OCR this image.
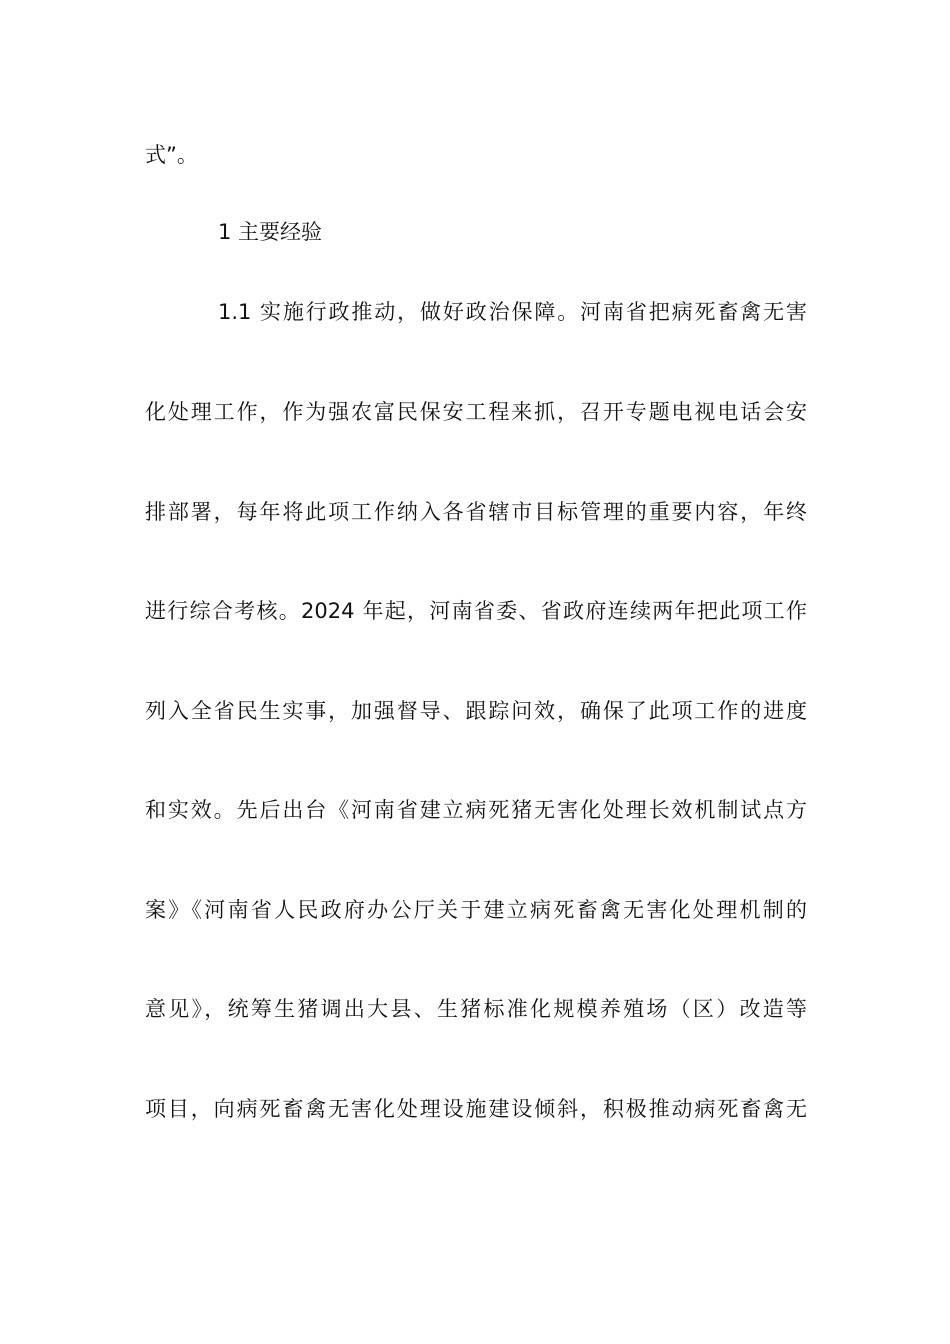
式”。
1 主要经验
1.1 实施行政推动，做好政治保障。河南省把病死畜禽无害
化处理工作，作为强农富民保安工程来抓，召开专题电视电话会安
排部署，每年将此项工作纳入各省辖市目标管理的重要内容，年终
进行综合考核。2024 年起，河南省委、省政府连续两年把此项工作
列入全省民生实事，加强督导、跟踪问效，确保了此项工作的进度
和实效。先后出台《河南省建立病死猪无害化处理长效机制试点方
案》《河南省人民政府办公厅关于建立病死畜禽无害化处理机制的
意见》，统筹生猪调出大县、生猪标准化规模养殖场（区）改造等
项目，向病死畜禽无害化处理设施建设倾斜，积极推动病死畜禽无
